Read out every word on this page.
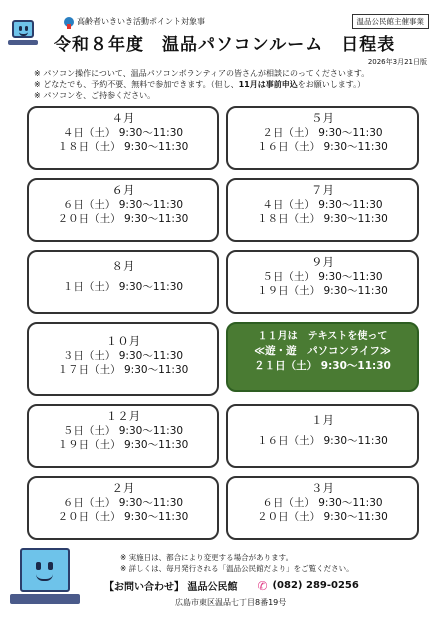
高齢者いきいき活動ポイント対象事	温品公民館主催事業
令和８年度　温品パソコンルーム　日程表
2026年3月21日版
※ パソコン操作について、温品パソコンボランティアの皆さんが相談にのってくださいます。
※ どなたでも、予約不要、無料で参加できます。（但し、11月は事前申込をお願いします。）
※ パソコンを、ご持参ください。
４月
４日（土） 9:30～11:30
１８日（土） 9:30～11:30
５月
２日（土） 9:30～11:30
１６日（土） 9:30～11:30
６月
６日（土） 9:30～11:30
２０日（土） 9:30～11:30
７月
４日（土） 9:30～11:30
１８日（土） 9:30～11:30
８月
１日（土） 9:30～11:30
９月
５日（土） 9:30～11:30
１９日（土） 9:30～11:30
１０月
３日（土） 9:30～11:30
１７日（土） 9:30～11:30
１１月は　テキストを使って
≪遊・遊　パソコンライフ≫
２１日（土） 9:30～11:30
１２月
５日（土） 9:30～11:30
１９日（土） 9:30～11:30
１月
１６日（土） 9:30～11:30
２月
６日（土） 9:30～11:30
２０日（土） 9:30～11:30
３月
６日（土） 9:30～11:30
２０日（土） 9:30～11:30
※ 実施日は、都合により変更する場合があります。
※ 詳しくは、毎月発行される「温品公民館だより」をご覧ください。
【お問い合わせ】 温品公民館 ✆ (082) 289-0256
広島市東区温品七丁目8番19号
